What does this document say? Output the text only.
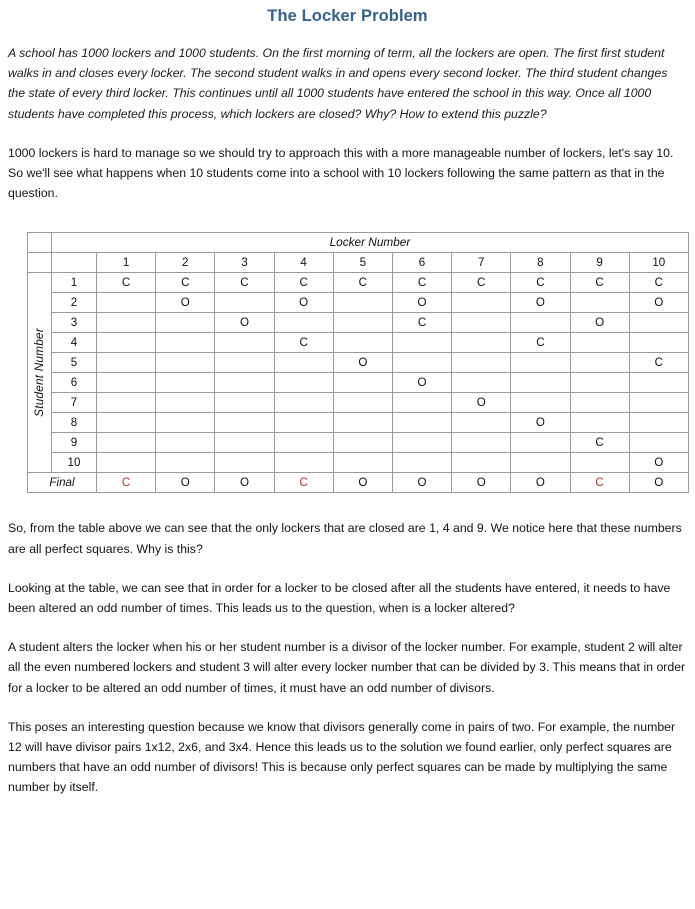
The Locker Problem

A school has 1000 lockers and 1000 students. On the first morning of term, all the lockers are open. The first first student walks in and closes every locker. The second student walks in and opens every second locker. The third student changes the state of every third locker. This continues until all 1000 students have entered the school in this way. Once all 1000 students have completed this process, which lockers are closed? Why? How to extend this puzzle?

1000 lockers is hard to manage so we should try to approach this with a more manageable number of lockers, let's say 10. So we'll see what happens when 10 students come into a school with 10 lockers following the same pattern as that in the question.

	Locker Number										
		1	2	3	4	5	6	7	8	9	10

Student Number	1	C	C	C	C	C	C	C	C	C	C
	2		O		O		O		O		O
	3			O			C			O	
	4				C				C		
	5					O					C
	6						O				
	7							O			
	8								O		
	9									C	
	10										O
Final		C	O	O	C	O	O	O	O	C	O

So, from the table above we can see that the only lockers that are closed are 1, 4 and 9. We notice here that these numbers are all perfect squares. Why is this?

Looking at the table, we can see that in order for a locker to be closed after all the students have entered, it needs to have been altered an odd number of times. This leads us to the question, when is a locker altered?

A student alters the locker when his or her student number is a divisor of the locker number. For example, student 2 will alter all the even numbered lockers and student 3 will alter every locker number that can be divided by 3. This means that in order for a locker to be altered an odd number of times, it must have an odd number of divisors.

This poses an interesting question because we know that divisors generally come in pairs of two. For example, the number 12 will have divisor pairs 1x12, 2x6, and 3x4. Hence this leads us to the solution we found earlier, only perfect squares are numbers that have an odd number of divisors! This is because only perfect squares can be made by multiplying the same number by itself.
